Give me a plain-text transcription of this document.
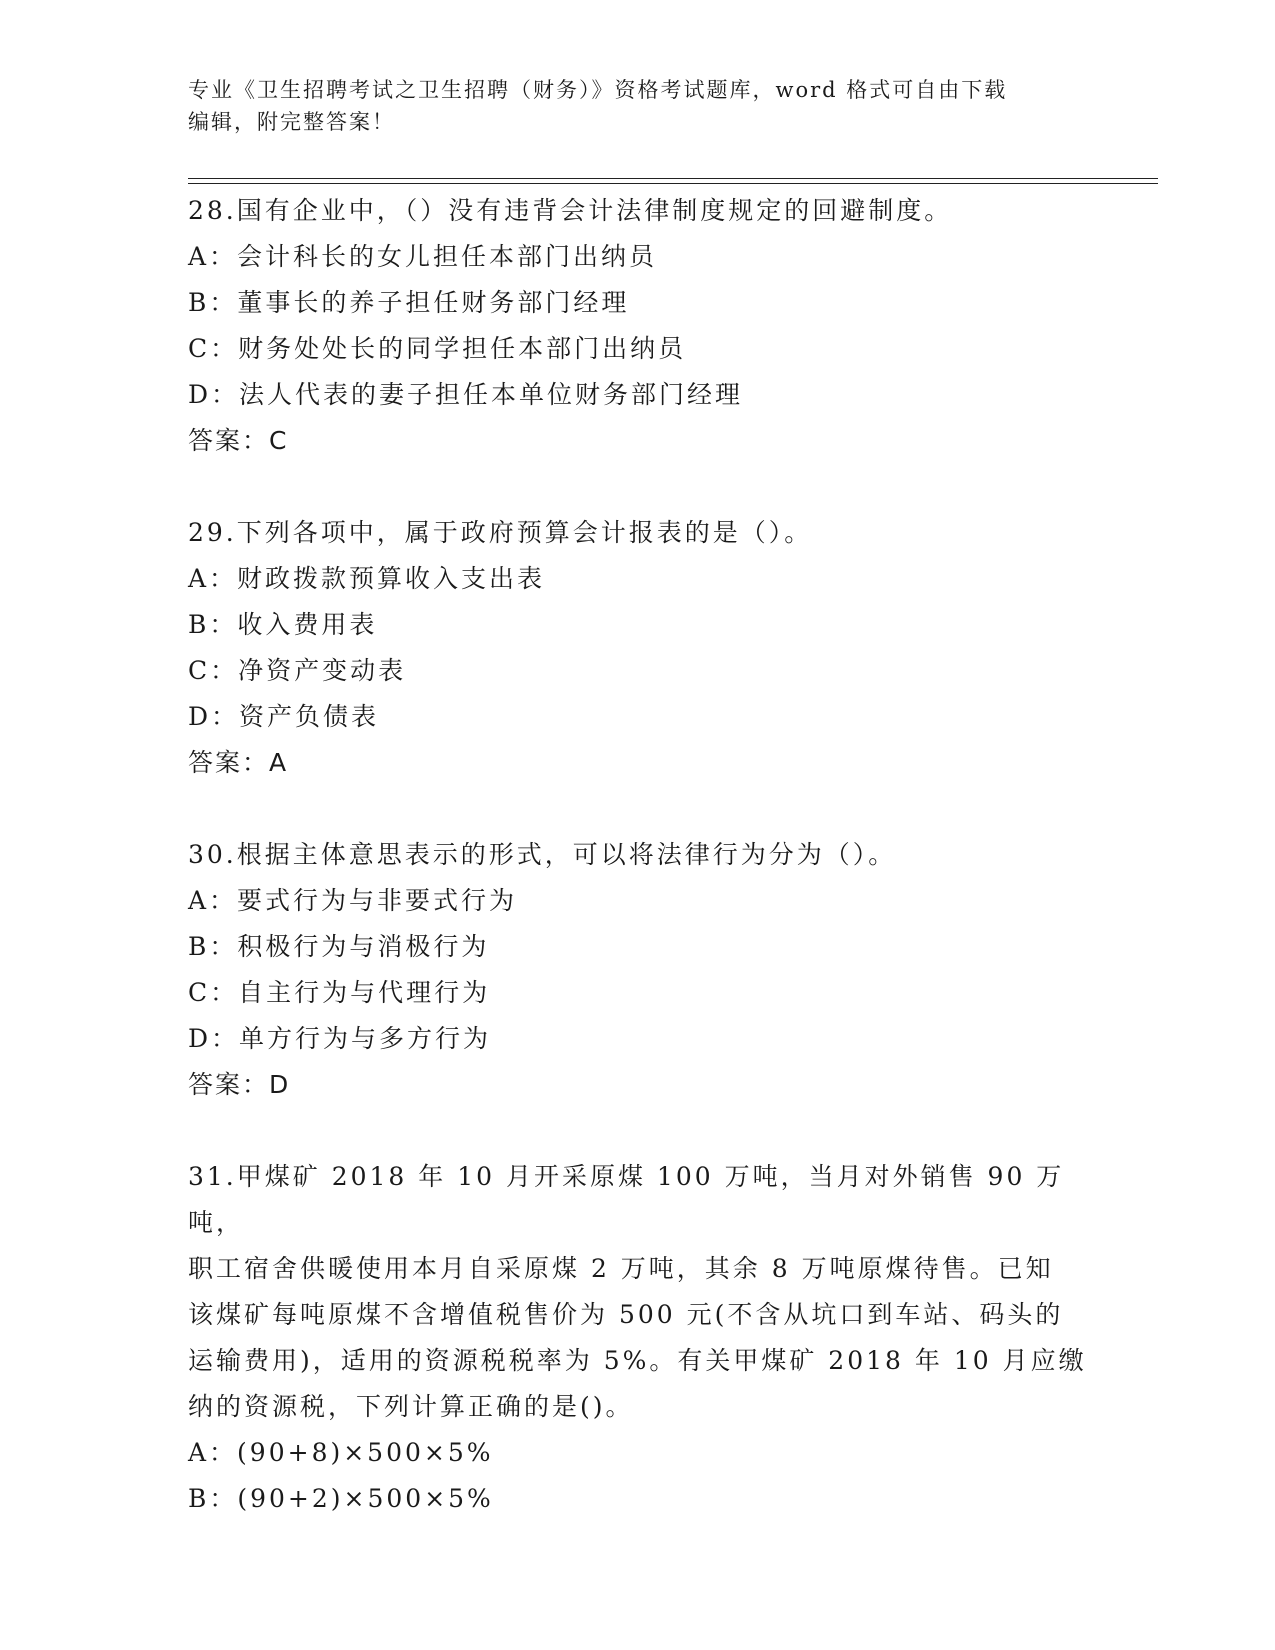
专业《卫生招聘考试之卫生招聘（财务）》资格考试题库，word 格式可自由下载
编辑，附完整答案！
28.国有企业中，（）没有违背会计法律制度规定的回避制度。
A：会计科长的女儿担任本部门出纳员
B：董事长的养子担任财务部门经理
C：财务处处长的同学担任本部门出纳员
D：法人代表的妻子担任本单位财务部门经理
答案：C
29.下列各项中，属于政府预算会计报表的是（）。
A：财政拨款预算收入支出表
B：收入费用表
C：净资产变动表
D：资产负债表
答案：A
30.根据主体意思表示的形式，可以将法律行为分为（）。
A：要式行为与非要式行为
B：积极行为与消极行为
C：自主行为与代理行为
D：单方行为与多方行为
答案：D
31.甲煤矿 2018 年 10 月开采原煤 100 万吨，当月对外销售 90 万吨，
职工宿舍供暖使用本月自采原煤 2 万吨，其余 8 万吨原煤待售。已知
该煤矿每吨原煤不含增值税售价为 500 元(不含从坑口到车站、码头的
运输费用)，适用的资源税税率为 5%。有关甲煤矿 2018 年 10 月应缴
纳的资源税，下列计算正确的是()。
A：(90+8)×500×5%
B：(90+2)×500×5%
